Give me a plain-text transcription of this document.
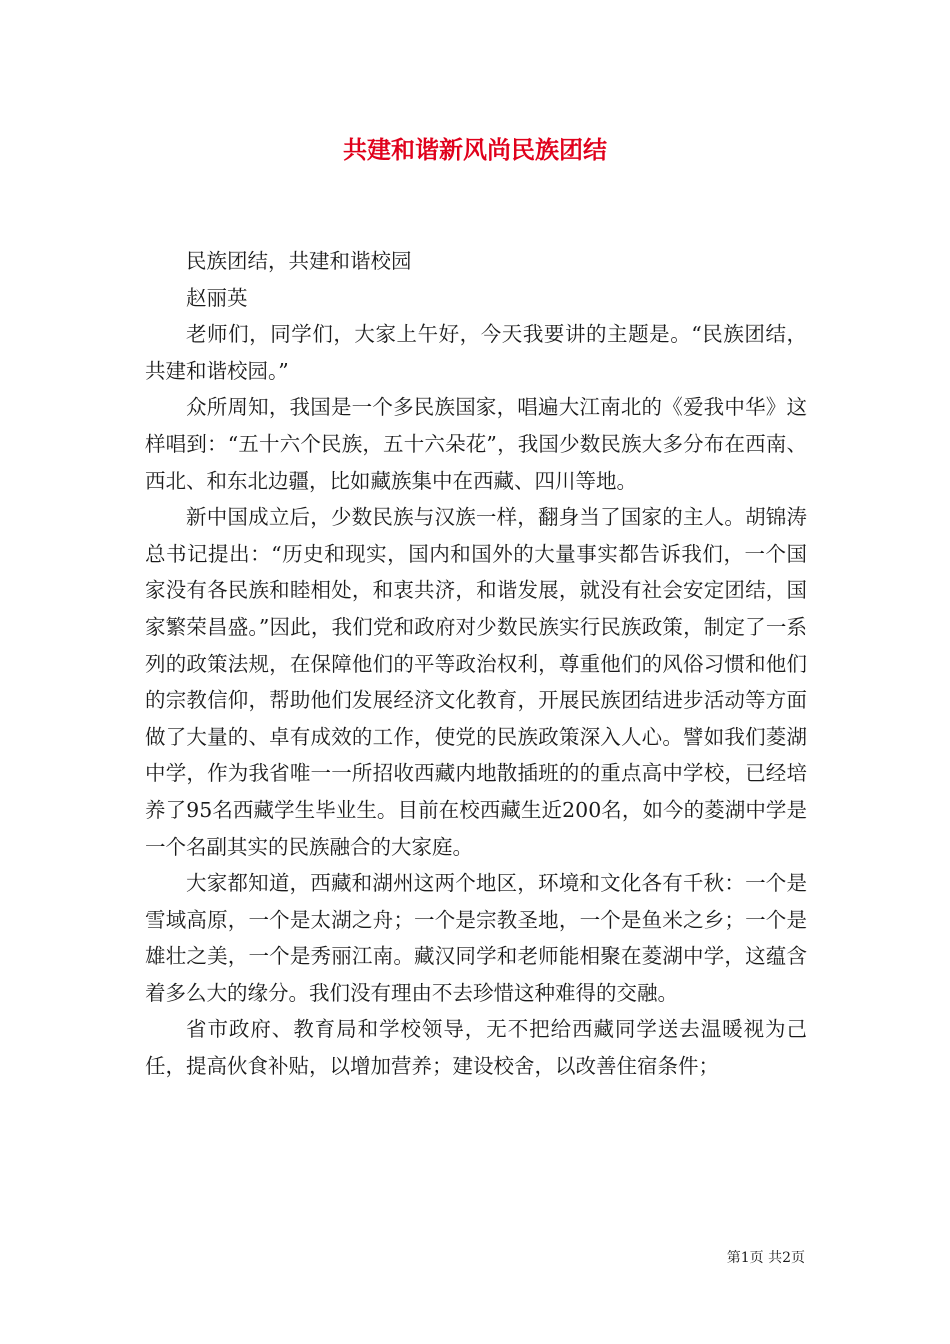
共建和谐新风尚民族团结

民族团结，共建和谐校园

赵丽英

老师们，同学们，大家上午好，今天我要讲的主题是。“民族团结，共建和谐校园。”

众所周知，我国是一个多民族国家，唱遍大江南北的《爱我中华》这样唱到：“五十六个民族，五十六朵花”，我国少数民族大多分布在西南、西北、和东北边疆，比如藏族集中在西藏、四川等地。

新中国成立后，少数民族与汉族一样，翻身当了国家的主人。胡锦涛总书记提出：“历史和现实，国内和国外的大量事实都告诉我们，一个国家没有各民族和睦相处，和衷共济，和谐发展，就没有社会安定团结，国家繁荣昌盛。”因此，我们党和政府对少数民族实行民族政策，制定了一系列的政策法规，在保障他们的平等政治权利，尊重他们的风俗习惯和他们的宗教信仰，帮助他们发展经济文化教育，开展民族团结进步活动等方面做了大量的、卓有成效的工作，使党的民族政策深入人心。譬如我们菱湖中学，作为我省唯一一所招收西藏内地散插班的的重点高中学校，已经培养了95名西藏学生毕业生。目前在校西藏生近200名，如今的菱湖中学是一个名副其实的民族融合的大家庭。

大家都知道，西藏和湖州这两个地区，环境和文化各有千秋：一个是雪域高原，一个是太湖之舟；一个是宗教圣地，一个是鱼米之乡；一个是雄壮之美，一个是秀丽江南。藏汉同学和老师能相聚在菱湖中学，这蕴含着多么大的缘分。我们没有理由不去珍惜这种难得的交融。

省市政府、教育局和学校领导，无不把给西藏同学送去温暖视为己任，提高伙食补贴，以增加营养；建设校舍，以改善住宿条件；

第1页 共2页
